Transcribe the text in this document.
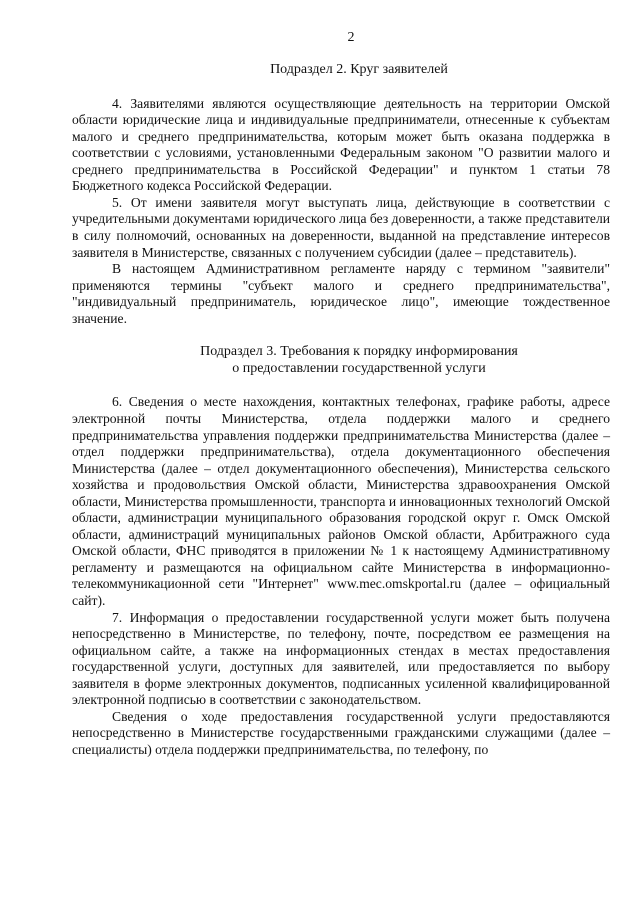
2
Подраздел 2. Круг заявителей

4. Заявителями являются осуществляющие деятельность на территории Омской области юридические лица и индивидуальные предприниматели, отнесенные к субъектам малого и среднего предпринимательства, которым может быть оказана поддержка в соответствии с условиями, установленными Федеральным законом "О развитии малого и среднего предпринимательства в Российской Федерации" и пунктом 1 статьи 78 Бюджетного кодекса Российской Федерации.

5. От имени заявителя могут выступать лица, действующие в соответствии с учредительными документами юридического лица без доверенности, а также представители в силу полномочий, основанных на доверенности, выданной на представление интересов заявителя в Министерстве, связанных с получением субсидии (далее – представитель).

В настоящем Административном регламенте наряду с термином "заявители" применяются термины "субъект малого и среднего предпринимательства", "индивидуальный предприниматель, юридическое лицо", имеющие тождественное значение.

Подраздел 3. Требования к порядку информирования
о предоставлении государственной услуги

6. Сведения о месте нахождения, контактных телефонах, графике работы, адресе электронной почты Министерства, отдела поддержки малого и среднего предпринимательства управления поддержки предпринимательства Министерства (далее – отдел поддержки предпринимательства), отдела документационного обеспечения Министерства (далее – отдел документационного обеспечения), Министерства сельского хозяйства и продовольствия Омской области, Министерства здравоохранения Омской области, Министерства промышленности, транспорта и инновационных технологий Омской области, администрации муниципального образования городской округ г. Омск Омской области, администраций муниципальных районов Омской области, Арбитражного суда Омской области, ФНС приводятся в приложении № 1 к настоящему Административному регламенту и размещаются на официальном сайте Министерства в информационно-телекоммуникационной сети "Интернет" www.mec.omskportal.ru (далее – официальный сайт).

7. Информация о предоставлении государственной услуги может быть получена непосредственно в Министерстве, по телефону, почте, посредством ее размещения на официальном сайте, а также на информационных стендах в местах предоставления государственной услуги, доступных для заявителей, или предоставляется по выбору заявителя в форме электронных документов, подписанных усиленной квалифицированной электронной подписью в соответствии с законодательством.

Сведения о ходе предоставления государственной услуги предоставляются непосредственно в Министерстве государственными гражданскими служащими (далее – специалисты) отдела поддержки предпринимательства, по телефону, по
